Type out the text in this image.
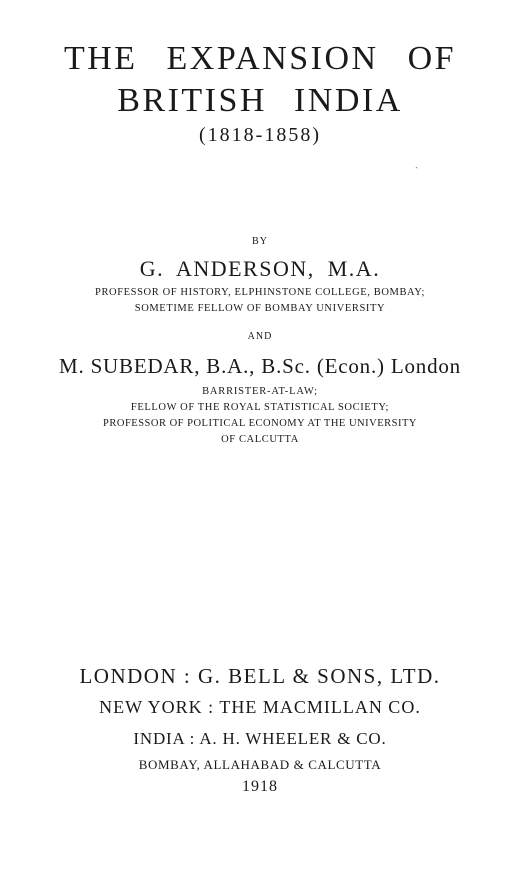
THE EXPANSION OF
BRITISH INDIA
(1818-1858)
ˏ
BY
G. ANDERSON, M.A.
PROFESSOR OF HISTORY, ELPHINSTONE COLLEGE, BOMBAY;
SOMETIME FELLOW OF BOMBAY UNIVERSITY
AND
M. SUBEDAR, B.A., B.Sc. (Econ.) London
BARRISTER-AT-LAW;
FELLOW OF THE ROYAL STATISTICAL SOCIETY;
PROFESSOR OF POLITICAL ECONOMY AT THE UNIVERSITY
OF CALCUTTA
LONDON : G. BELL & SONS, LTD.
NEW YORK : THE MACMILLAN CO.
INDIA : A. H. WHEELER & CO.
BOMBAY, ALLAHABAD & CALCUTTA
1918
